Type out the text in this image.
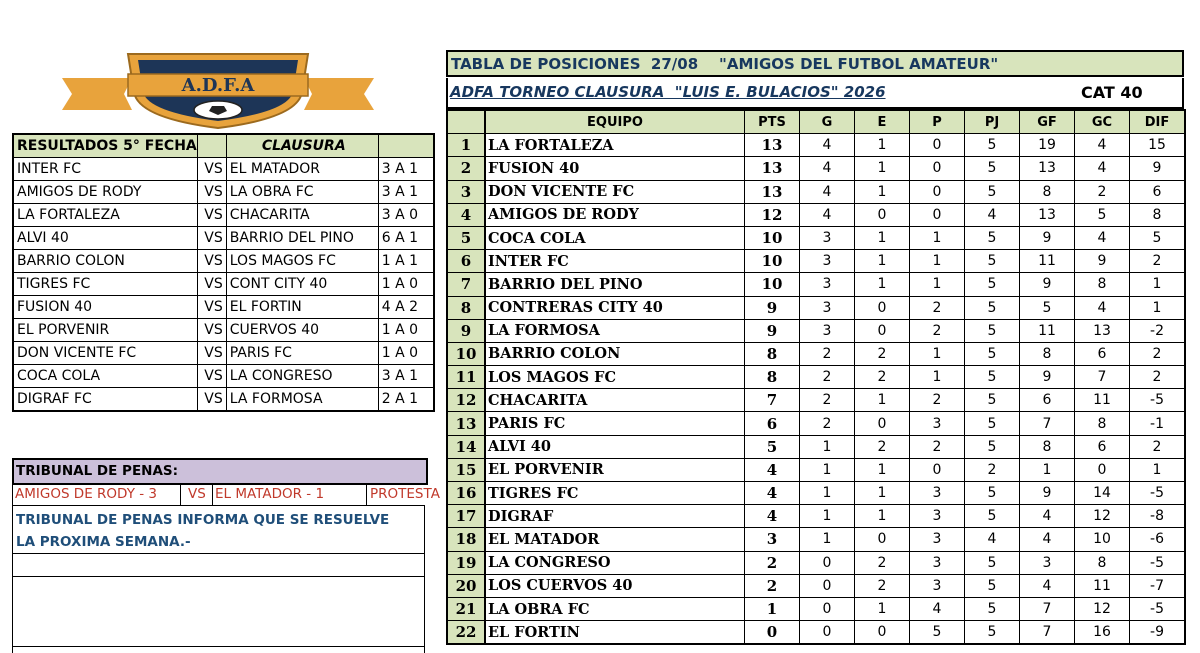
A.D.F.A
RESULTADOS 5° FECHA		CLAUSURA	
INTER FC	VS	EL MATADOR	3 A 1
AMIGOS DE RODY	VS	LA OBRA FC	3 A 1
LA FORTALEZA	VS	CHACARITA	3 A 0
ALVI 40	VS	BARRIO DEL PINO	6 A 1
BARRIO COLON	VS	LOS MAGOS FC	1 A 1
TIGRES FC	VS	CONT CITY 40	1 A 0
FUSION 40	VS	EL FORTIN	4 A 2
EL PORVENIR	VS	CUERVOS 40	1 A 0
DON VICENTE FC	VS	PARIS FC	1 A 0
COCA COLA	VS	LA CONGRESO	3 A 1
DIGRAF FC	VS	LA FORMOSA	2 A 1
TRIBUNAL DE PENAS:
AMIGOS DE RODY - 3 VS EL MATADOR - 1	PROTESTA
TRIBUNAL DE PENAS INFORMA QUE SE RESUELVE
LA PROXIMA SEMANA.-
TABLA DE POSICIONES  27/08    "AMIGOS DEL FUTBOL AMATEUR"
ADFA TORNEO CLAUSURA  "LUIS E. BULACIOS" 2026	CAT 40
	EQUIPO	PTS	G	E	P	PJ	GF	GC	DIF
1	LA FORTALEZA	13	4	1	0	5	19	4	15
2	FUSION 40	13	4	1	0	5	13	4	9
3	DON VICENTE FC	13	4	1	0	5	8	2	6
4	AMIGOS DE RODY	12	4	0	0	4	13	5	8
5	COCA COLA	10	3	1	1	5	9	4	5
6	INTER FC	10	3	1	1	5	11	9	2
7	BARRIO DEL PINO	10	3	1	1	5	9	8	1
8	CONTRERAS CITY 40	9	3	0	2	5	5	4	1
9	LA FORMOSA	9	3	0	2	5	11	13	-2
10	BARRIO COLON	8	2	2	1	5	8	6	2
11	LOS MAGOS FC	8	2	2	1	5	9	7	2
12	CHACARITA	7	2	1	2	5	6	11	-5
13	PARIS FC	6	2	0	3	5	7	8	-1
14	ALVI 40	5	1	2	2	5	8	6	2
15	EL PORVENIR	4	1	1	0	2	1	0	1
16	TIGRES FC	4	1	1	3	5	9	14	-5
17	DIGRAF	4	1	1	3	5	4	12	-8
18	EL MATADOR	3	1	0	3	4	4	10	-6
19	LA CONGRESO	2	0	2	3	5	3	8	-5
20	LOS CUERVOS 40	2	0	2	3	5	4	11	-7
21	LA OBRA FC	1	0	1	4	5	7	12	-5
22	EL FORTIN	0	0	0	5	5	7	16	-9
